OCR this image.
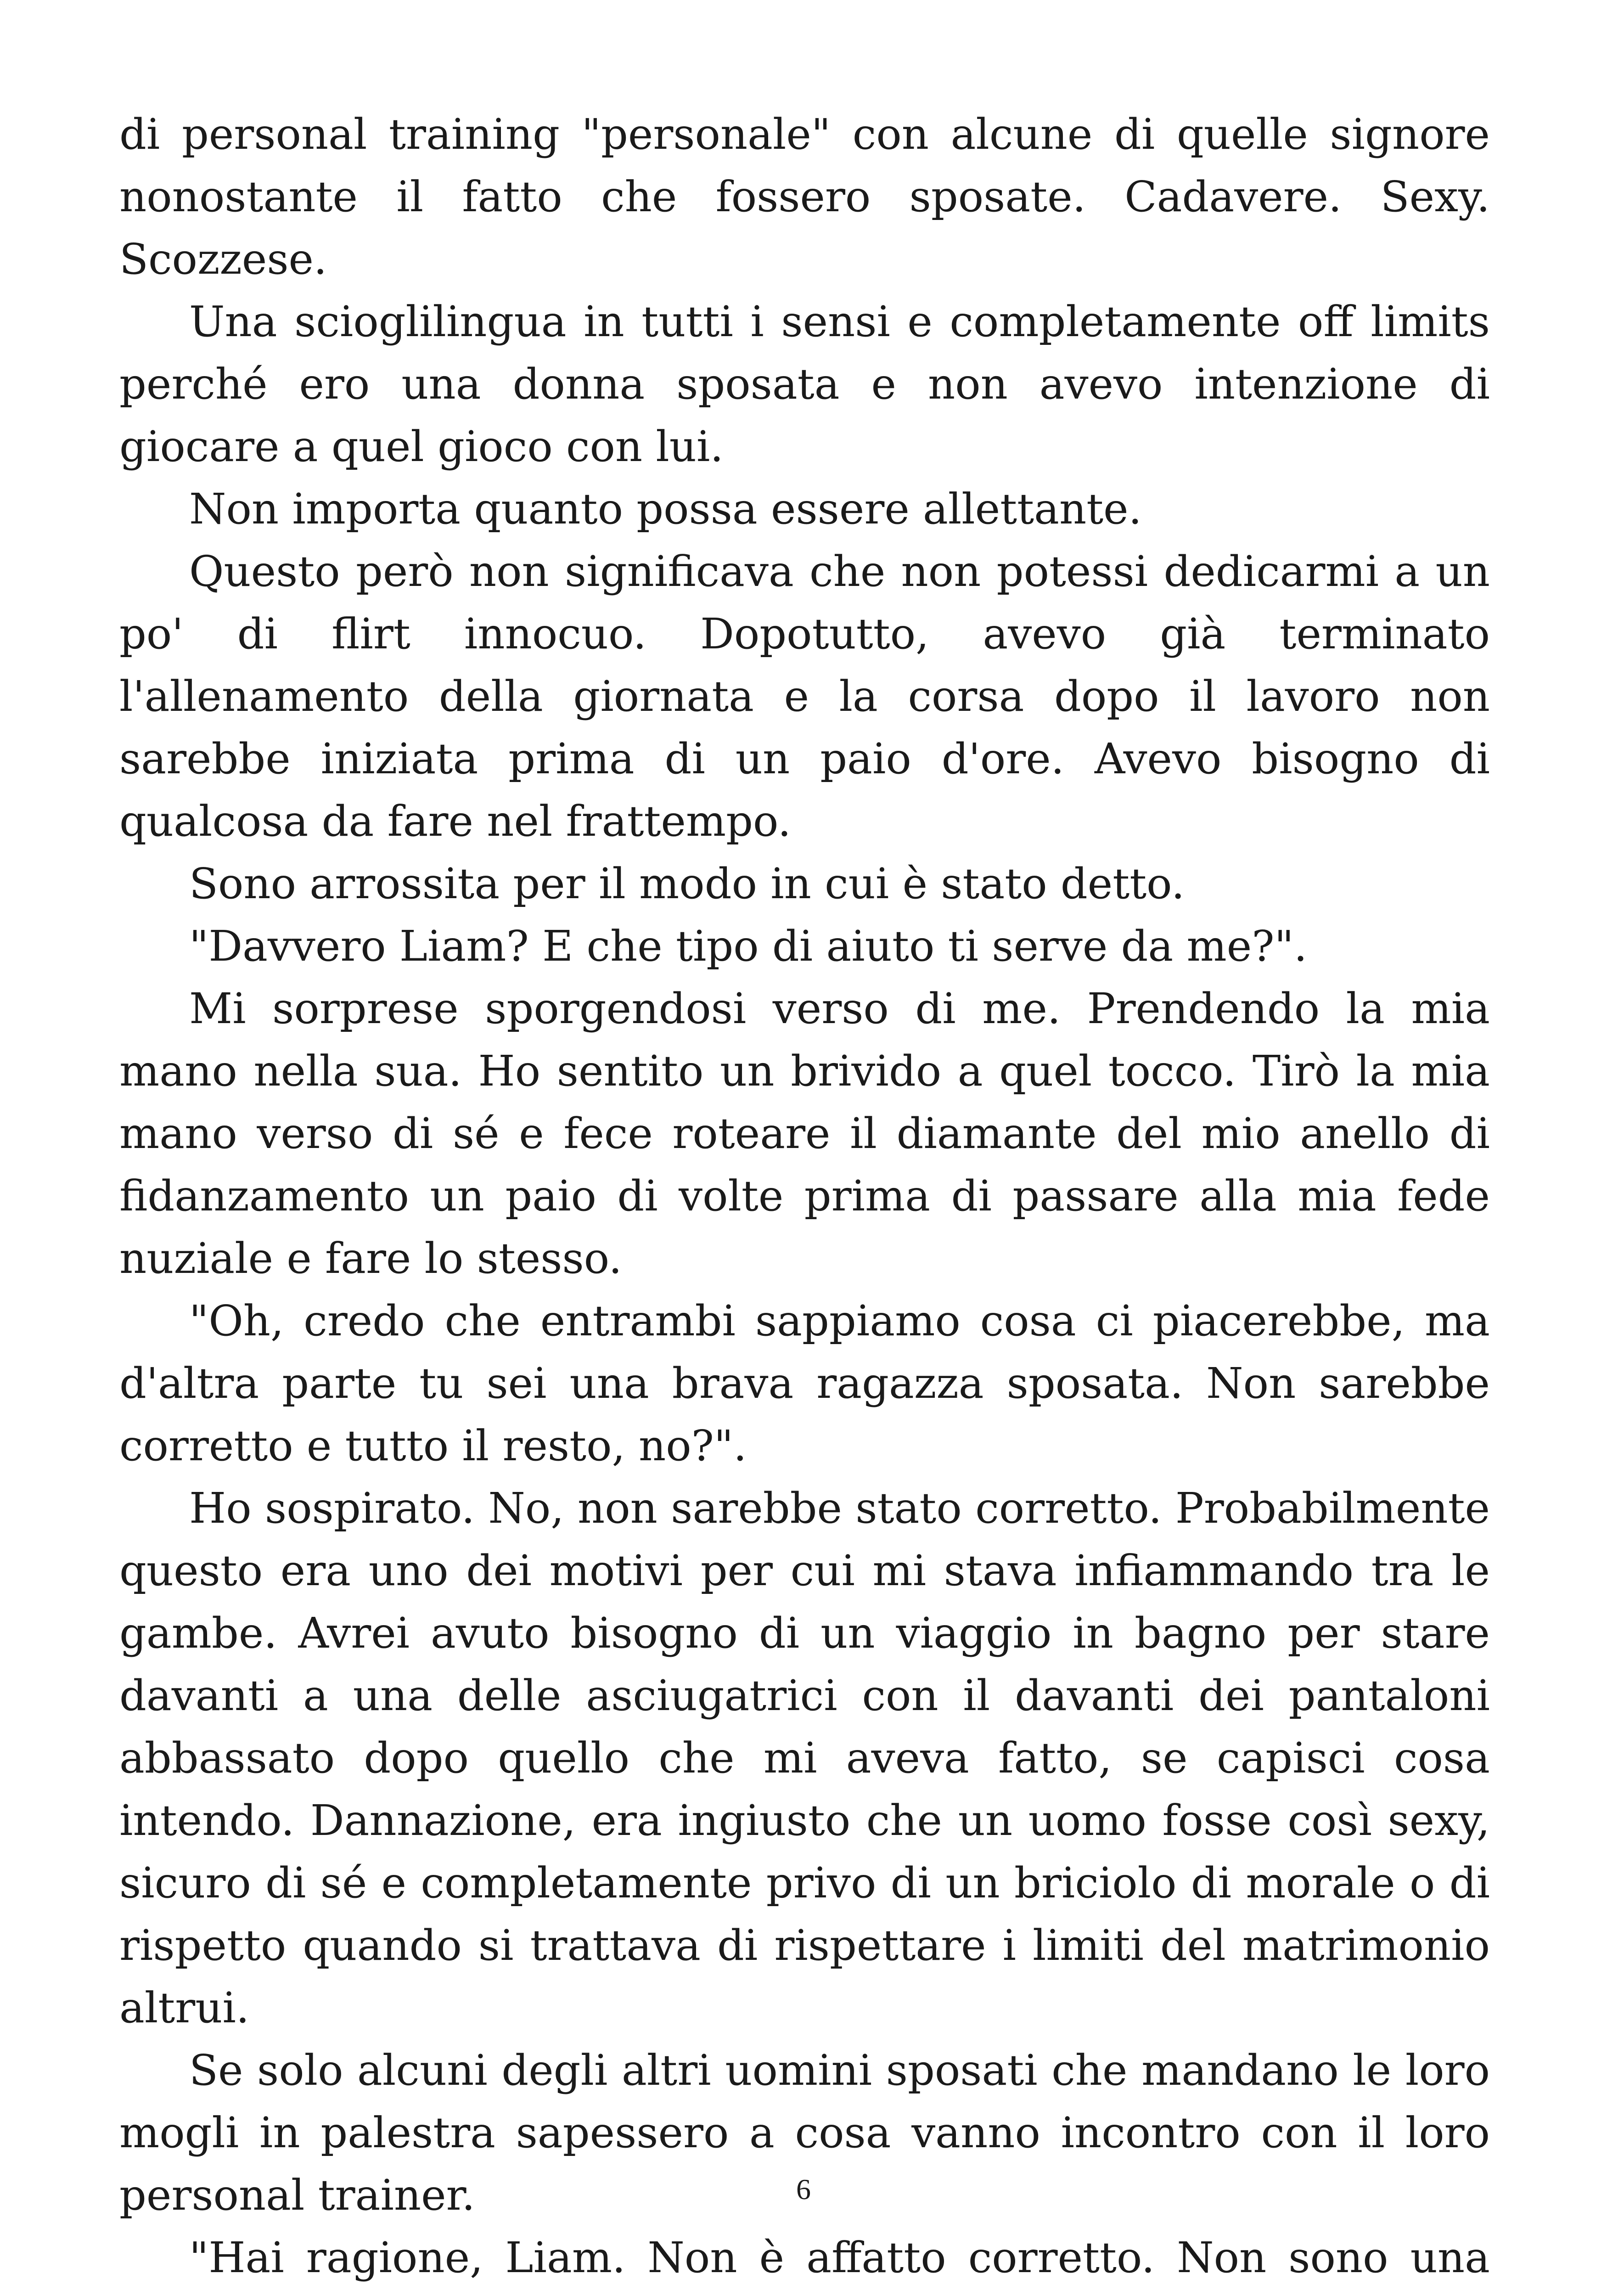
di personal training "personale" con alcune di quelle signore nonostante il fatto che fossero sposate. Cadavere. Sexy. Scozzese.

Una scioglilingua in tutti i sensi e completamente off limits perché ero una donna sposata e non avevo intenzione di giocare a quel gioco con lui.

Non importa quanto possa essere allettante.

Questo però non significava che non potessi dedicarmi a un po' di flirt innocuo. Dopotutto, avevo già terminato l'allenamento della giornata e la corsa dopo il lavoro non sarebbe iniziata prima di un paio d'ore. Avevo bisogno di qualcosa da fare nel frattempo.

Sono arrossita per il modo in cui è stato detto.

"Davvero Liam? E che tipo di aiuto ti serve da me?".

Mi sorprese sporgendosi verso di me. Prendendo la mia mano nella sua. Ho sentito un brivido a quel tocco. Tirò la mia mano verso di sé e fece roteare il diamante del mio anello di fidanzamento un paio di volte prima di passare alla mia fede nuziale e fare lo stesso.

"Oh, credo che entrambi sappiamo cosa ci piacerebbe, ma d'altra parte tu sei una brava ragazza sposata. Non sarebbe corretto e tutto il resto, no?".

Ho sospirato. No, non sarebbe stato corretto. Probabilmente questo era uno dei motivi per cui mi stava infiammando tra le gambe. Avrei avuto bisogno di un viaggio in bagno per stare davanti a una delle asciugatrici con il davanti dei pantaloni abbassato dopo quello che mi aveva fatto, se capisci cosa intendo. Dannazione, era ingiusto che un uomo fosse così sexy, sicuro di sé e completamente privo di un briciolo di morale o di rispetto quando si trattava di rispettare i limiti del matrimonio altrui.

Se solo alcuni degli altri uomini sposati che mandano le loro mogli in palestra sapessero a cosa vanno incontro con il loro personal trainer.

"Hai ragione, Liam. Non è affatto corretto. Non sono una

6
